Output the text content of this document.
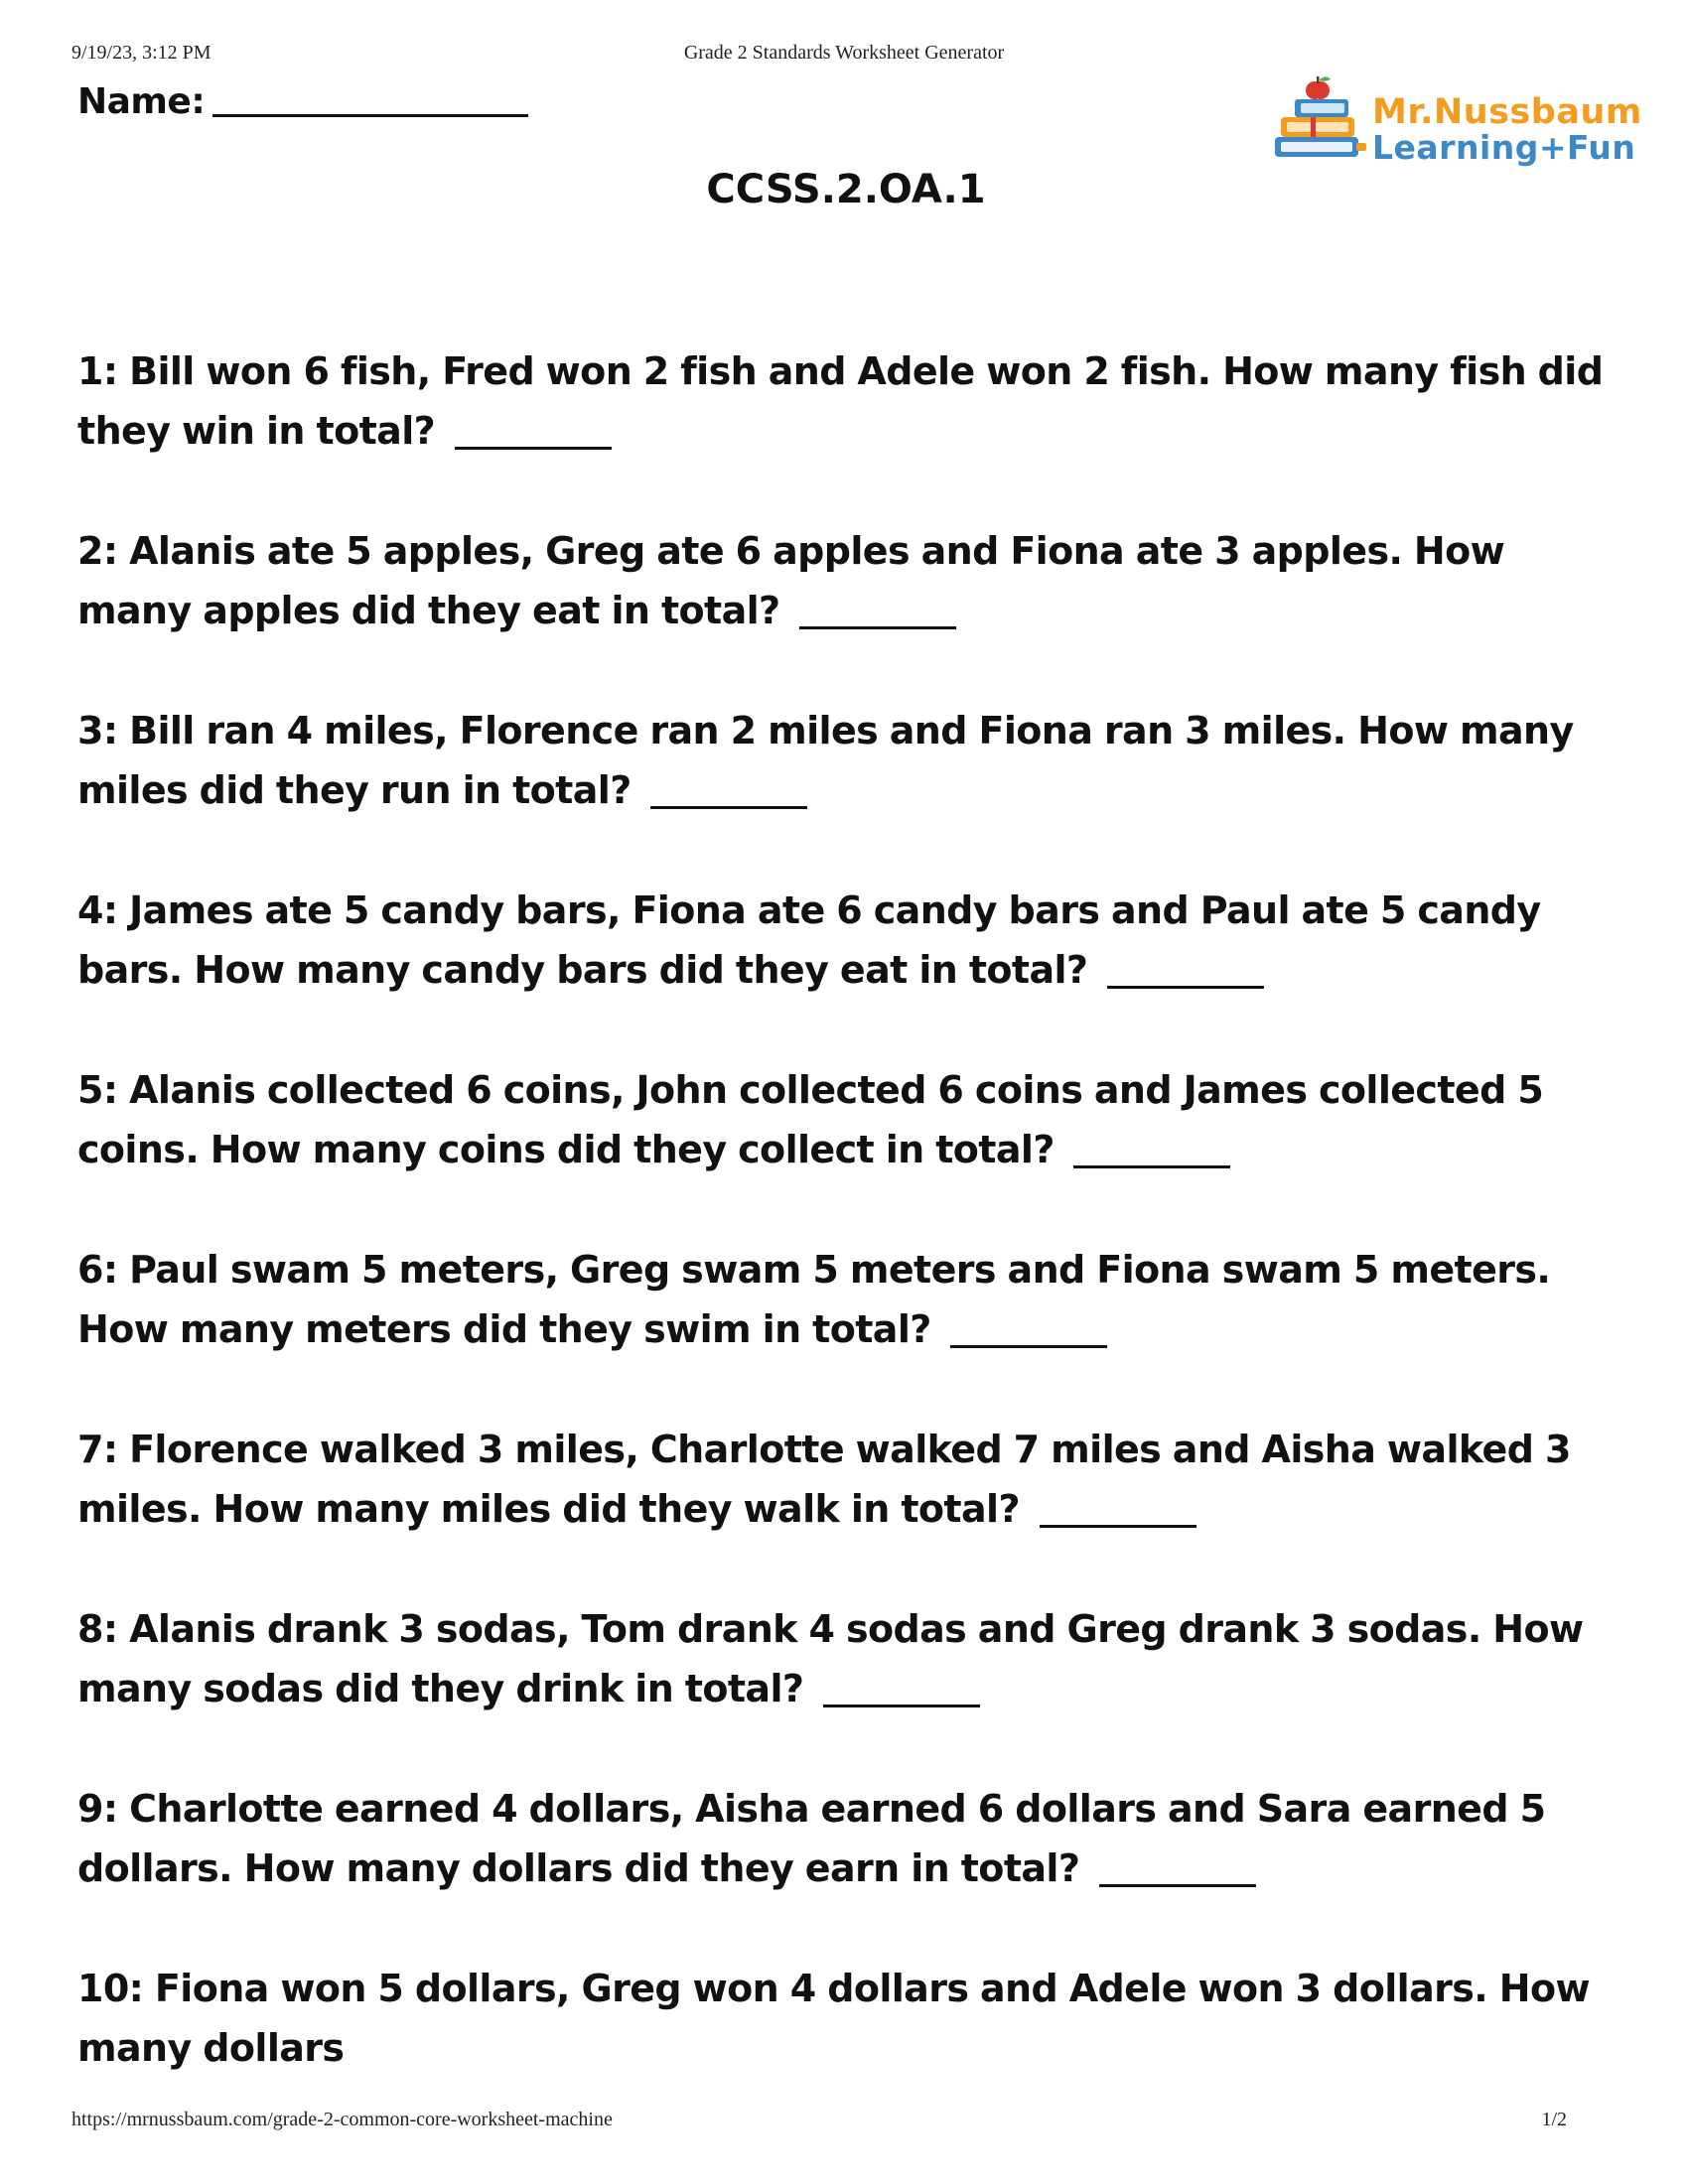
9/19/23, 3:12 PM	Grade 2 Standards Worksheet Generator
Name:
CCSS.2.OA.1
Mr.Nussbaum
Learning+Fun
1: Bill won 6 fish, Fred won 2 fish and Adele won 2 fish. How many fish did they win in total?
2: Alanis ate 5 apples, Greg ate 6 apples and Fiona ate 3 apples. How many apples did they eat in total?
3: Bill ran 4 miles, Florence ran 2 miles and Fiona ran 3 miles. How many miles did they run in total?
4: James ate 5 candy bars, Fiona ate 6 candy bars and Paul ate 5 candy bars. How many candy bars did they eat in total?
5: Alanis collected 6 coins, John collected 6 coins and James collected 5 coins. How many coins did they collect in total?
6: Paul swam 5 meters, Greg swam 5 meters and Fiona swam 5 meters. How many meters did they swim in total?
7: Florence walked 3 miles, Charlotte walked 7 miles and Aisha walked 3 miles. How many miles did they walk in total?
8: Alanis drank 3 sodas, Tom drank 4 sodas and Greg drank 3 sodas. How many sodas did they drink in total?
9: Charlotte earned 4 dollars, Aisha earned 6 dollars and Sara earned 5 dollars. How many dollars did they earn in total?
10: Fiona won 5 dollars, Greg won 4 dollars and Adele won 3 dollars. How many dollars
https://mrnussbaum.com/grade-2-common-core-worksheet-machine	1/2
